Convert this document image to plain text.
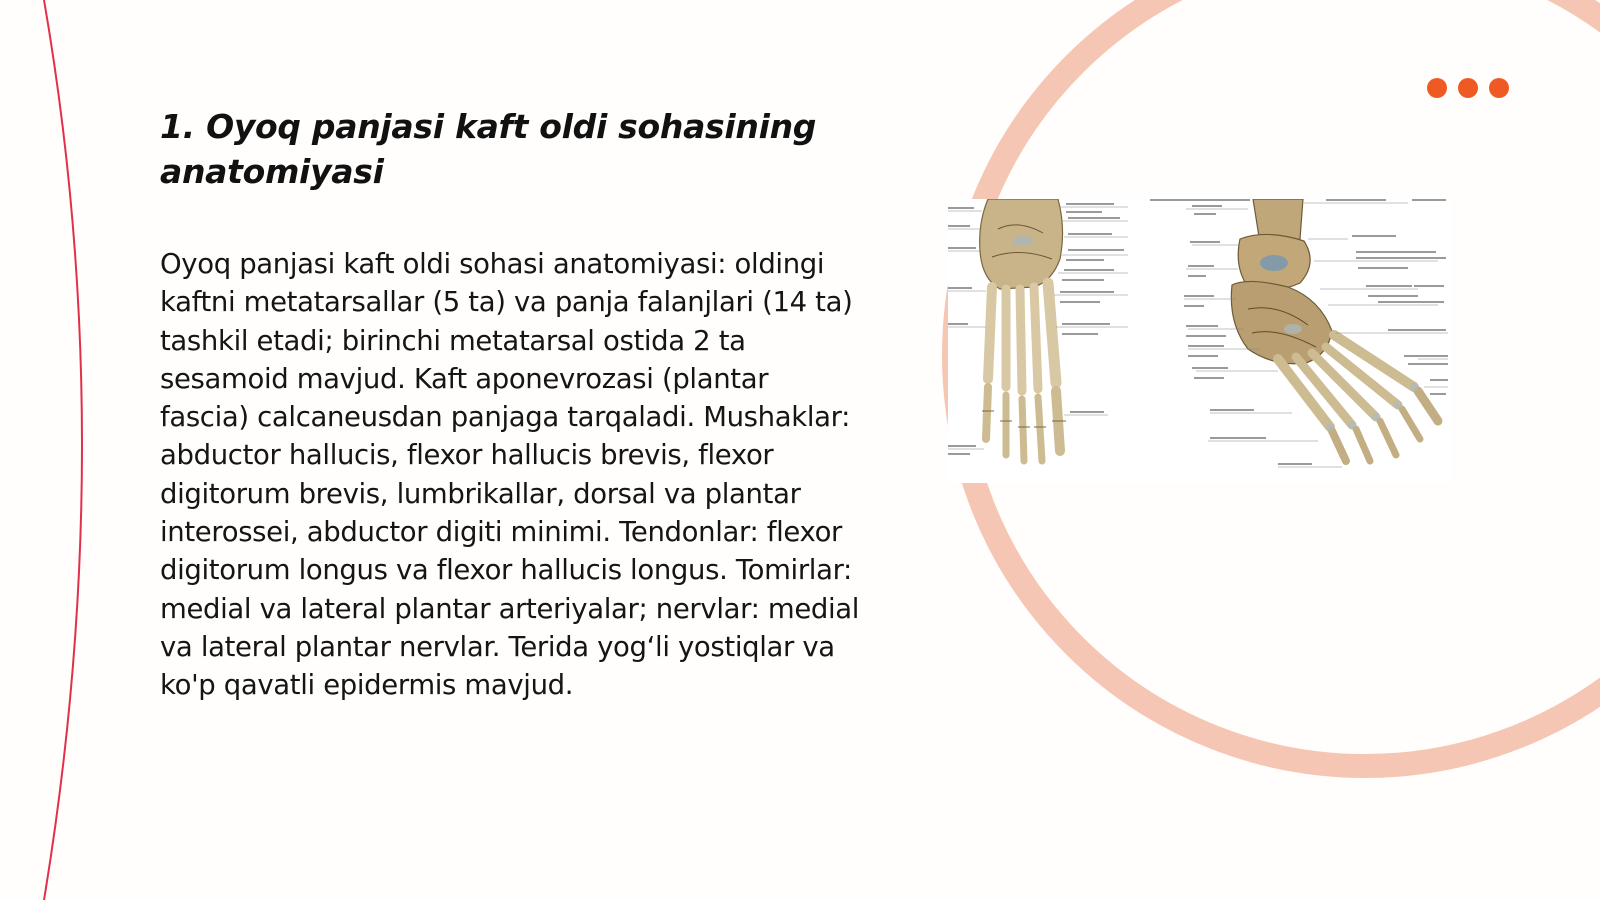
1. Oyoq panjasi kaft oldi sohasining anatomiyasi

Oyoq panjasi kaft oldi sohasi anatomiyasi: oldingi kaftni metatarsallar (5 ta) va panja falanjlari (14 ta) tashkil etadi; birinchi metatarsal ostida 2 ta sesamoid mavjud. Kaft aponevrozasi (plantar fascia) calcaneusdan panjaga tarqaladi. Mushaklar: abductor hallucis, flexor hallucis brevis, flexor digitorum brevis, lumbrikallar, dorsal va plantar interossei, abductor digiti minimi. Tendonlar: flexor digitorum longus va flexor hallucis longus. Tomirlar: medial va lateral plantar arteriyalar; nervlar: medial va lateral plantar nervlar. Terida yog‘li yostiqlar va ko'p qavatli epidermis mavjud.
